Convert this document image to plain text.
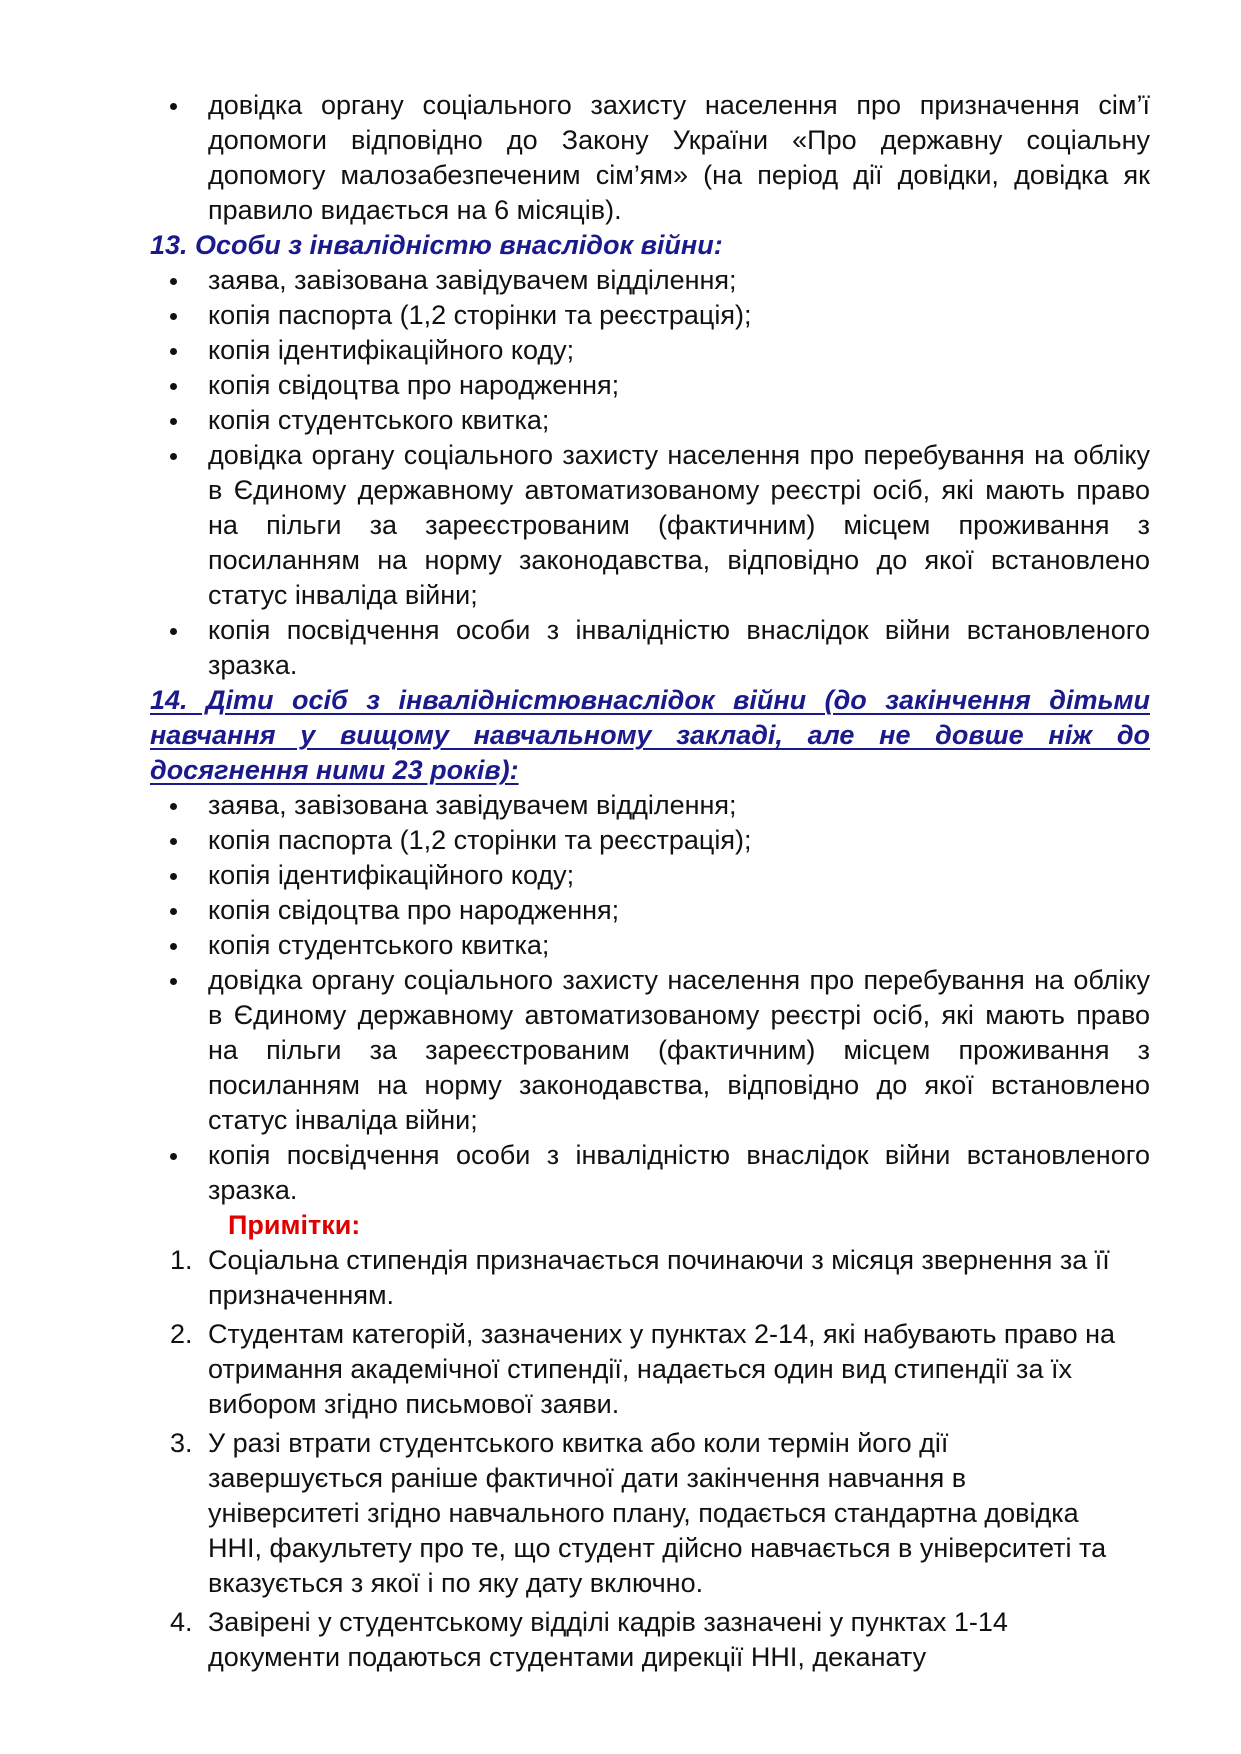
довідка органу соціального захисту населення про призначення сім’ї допомоги відповідно до Закону України «Про державну соціальну допомогу малозабезпеченим сім’ям» (на період дії довідки, довідка як правило видається на 6 місяців).

13. Особи з інвалідністю внаслідок війни:

заява, завізована завідувачем відділення;
копія паспорта (1,2 сторінки та реєстрація);
копія ідентифікаційного коду;
копія свідоцтва про народження;
копія студентського квитка;
довідка органу соціального захисту населення про перебування на обліку в Єдиному державному автоматизованому реєстрі осіб, які мають право на пільги за зареєстрованим (фактичним) місцем проживання з посиланням на норму законодавства, відповідно до якої встановлено статус інваліда війни;
копія посвідчення особи з інвалідністю внаслідок війни встановленого зразка.

14. Діти осіб з інвалідністювнаслідок війни (до закінчення дітьми навчання у вищому навчальному закладі, але не довше ніж до досягнення ними 23 років):

заява, завізована завідувачем відділення;
копія паспорта (1,2 сторінки та реєстрація);
копія ідентифікаційного коду;
копія свідоцтва про народження;
копія студентського квитка;
довідка органу соціального захисту населення про перебування на обліку в Єдиному державному автоматизованому реєстрі осіб, які мають право на пільги за зареєстрованим (фактичним) місцем проживання з посиланням на норму законодавства, відповідно до якої встановлено статус інваліда війни;
копія посвідчення особи з інвалідністю внаслідок війни встановленого зразка.

Примітки:

1. Соціальна стипендія призначається починаючи з місяця звернення за її призначенням.
2. Студентам категорій, зазначених у пунктах 2-14, які набувають право на отримання академічної стипендії, надається один вид стипендії за їх вибором згідно письмової заяви.
3. У разі втрати студентського квитка або коли термін його дії завершується раніше фактичної дати закінчення навчання в університеті згідно навчального плану, подається стандартна довідка ННІ, факультету про те, що студент дійсно навчається в університеті та вказується з якої і по яку дату включно.
4. Завірені у студентському відділі кадрів зазначені у пунктах 1-14 документи подаються студентами дирекції ННІ, деканату
